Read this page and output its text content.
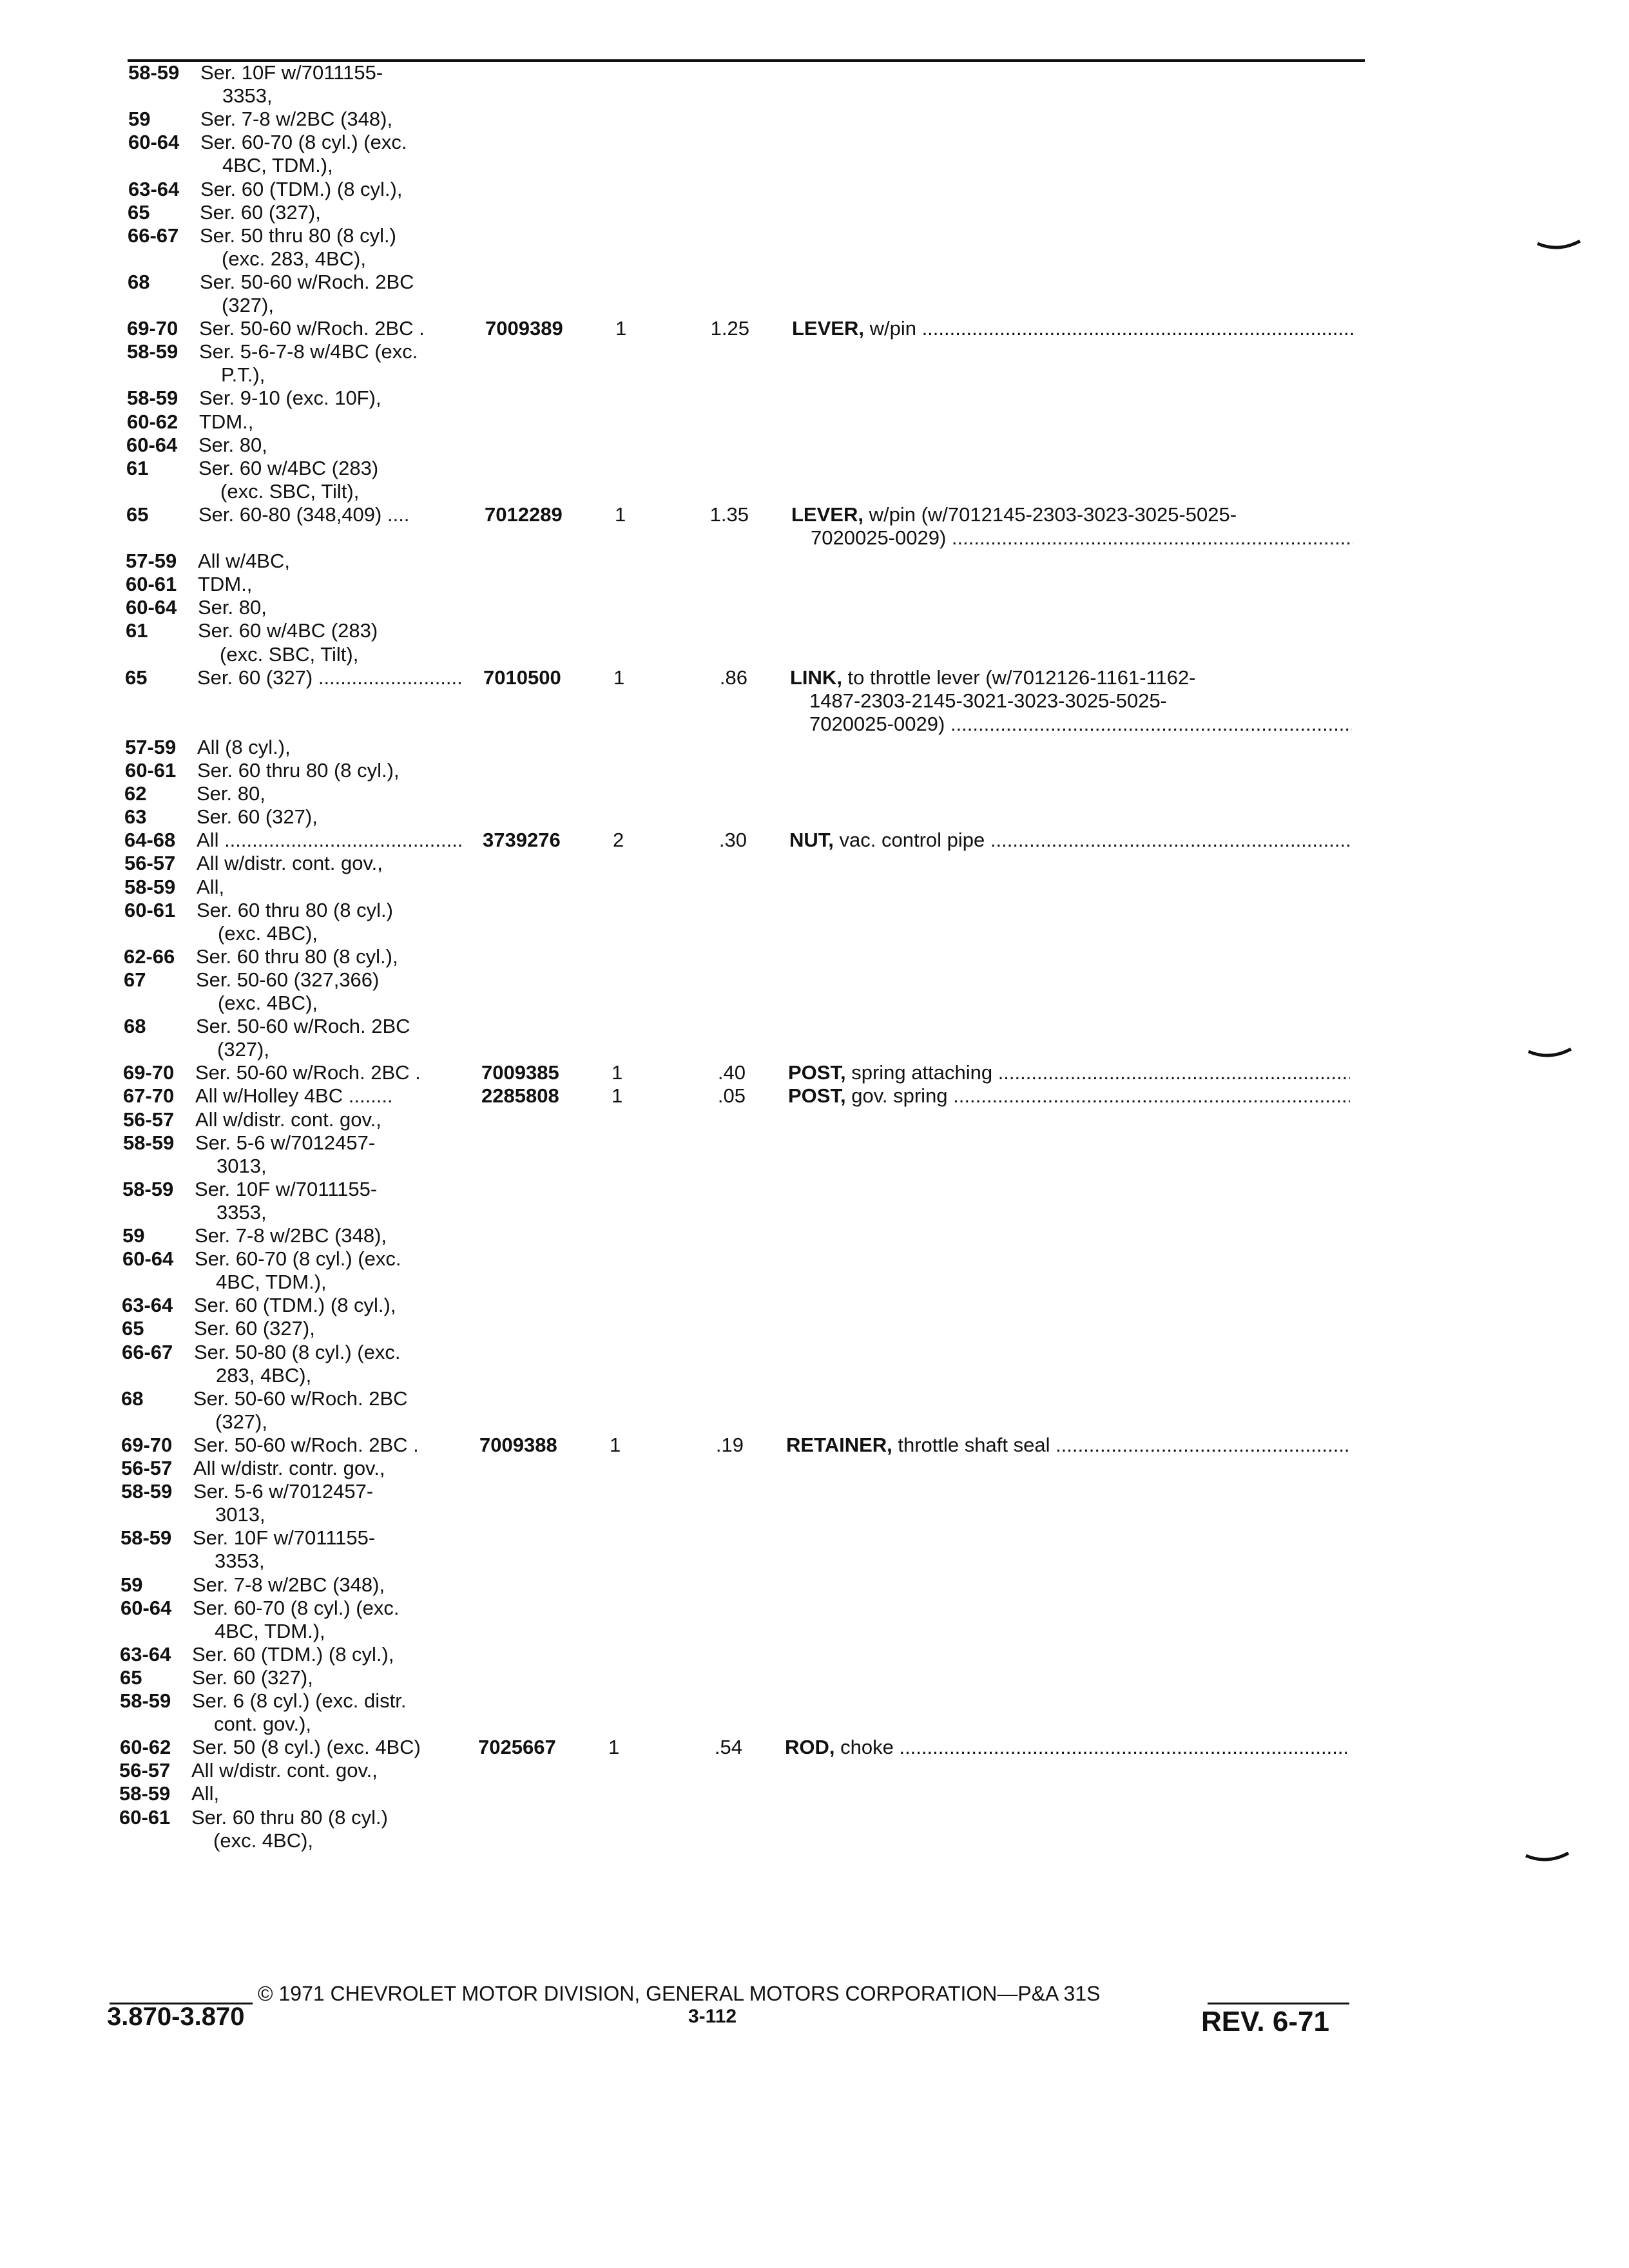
58-59 Ser. 10F w/7011155-
3353,
59	Ser. 7-8 w/2BC (348),
60-64 Ser. 60-70 (8 cyl.) (exc.
4BC, TDM.),
63-64 Ser. 60 (TDM.) (8 cyl.),
65	Ser. 60 (327),
66-67 Ser. 50 thru 80 (8 cyl.)
(exc. 283, 4BC),
68	Ser. 50-60 w/Roch. 2BC
(327),
69-70 Ser. 50-60 w/Roch. 2BC .	7009389	1	1.25 LEVER, w/pin .....
58-59 Ser. 5-6-7-8 w/4BC (exc.
P.T.),
58-59 Ser. 9-10 (exc. 10F),
60-62 TDM.,
60-64 Ser. 80,
61	Ser. 60 w/4BC (283)
(exc. SBC, Tilt),
65	Ser. 60-80 (348,409) ....	7012289	1	1.35 LEVER, w/pin (w/7012145-2303-3023-3025-5025-
7020025-0029) .....
57-59 All w/4BC,
60-61 TDM.,
60-64 Ser. 80,
61	Ser. 60 w/4BC (283)
(exc. SBC, Tilt),
65	Ser. 60 (327) .....	7010500	1	.86 LINK, to throttle lever (w/7012126-1161-1162-
1487-2303-2145-3021-3023-3025-5025-
7020025-0029) .....
57-59 All (8 cyl.),
60-61 Ser. 60 thru 80 (8 cyl.),
62	Ser. 80,
63	Ser. 60 (327),
64-68 All .....	3739276	2	.30 NUT, vac. control pipe .....
56-57 All w/distr. cont. gov.,
58-59 All,
60-61 Ser. 60 thru 80 (8 cyl.)
(exc. 4BC),
62-66 Ser. 60 thru 80 (8 cyl.),
67	Ser. 50-60 (327,366)
(exc. 4BC),
68	Ser. 50-60 w/Roch. 2BC
(327),
69-70 Ser. 50-60 w/Roch. 2BC .	7009385	1	.40 POST, spring attaching .....
67-70 All w/Holley 4BC ........	2285808	1	.05 POST, gov. spring .....
56-57 All w/distr. cont. gov.,
58-59 Ser. 5-6 w/7012457-
3013,
58-59 Ser. 10F w/7011155-
3353,
59	Ser. 7-8 w/2BC (348),
60-64 Ser. 60-70 (8 cyl.) (exc.
4BC, TDM.),
63-64 Ser. 60 (TDM.) (8 cyl.),
65	Ser. 60 (327),
66-67 Ser. 50-80 (8 cyl.) (exc.
283, 4BC),
68	Ser. 50-60 w/Roch. 2BC
(327),
69-70 Ser. 50-60 w/Roch. 2BC .	7009388	1	.19 RETAINER, throttle shaft seal .....
56-57 All w/distr. contr. gov.,
58-59 Ser. 5-6 w/7012457-
3013,
58-59 Ser. 10F w/7011155-
3353,
59	Ser. 7-8 w/2BC (348),
60-64 Ser. 60-70 (8 cyl.) (exc.
4BC, TDM.),
63-64 Ser. 60 (TDM.) (8 cyl.),
65	Ser. 60 (327),
58-59 Ser. 6 (8 cyl.) (exc. distr.
cont. gov.),
60-62 Ser. 50 (8 cyl.) (exc. 4BC)	7025667	1	.54 ROD, choke .....
56-57 All w/distr. cont. gov.,
58-59 All,
60-61 Ser. 60 thru 80 (8 cyl.)
(exc. 4BC),
© 1971 CHEVROLET MOTOR DIVISION, GENERAL MOTORS CORPORATION—P&A 31S
3.870-3.870	3-112	REV. 6-71
